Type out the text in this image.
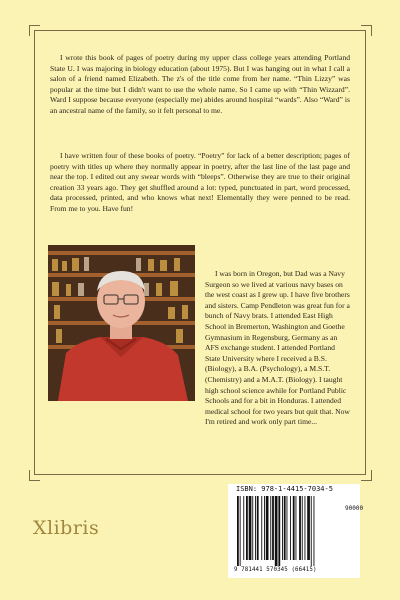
I wrote this book of pages of poetry during my upper class college years attending Portland State U. I was majoring in biology education (about 1975). But I was hanging out in what I call a salon of a friend named Elizabeth. The z's of the title come from her name. “Thin Lizzy” was popular at the time but I didn't want to use the whole name. So I came up with “Thin Wizzard”. Ward I suppose because everyone (especially me) abides around hospital “wards”. Also “Ward” is an ancestral name of the family, so it felt personal to me.

I have written four of these books of poetry. “Poetry” for lack of a better description; pages of poetry with titles up where they normally appear in poetry, after the last line of the last page and near the top. I edited out any swear words with “bleeps”. Otherwise they are true to their original creation 33 years ago. They get shuffled around a lot: typed, punctuated in part, word processed, data processed, printed, and who knows what next! Elementally they were penned to be read. From me to you. Have fun!

I was born in Oregon, but Dad was a Navy Surgeon so we lived at various navy bases on the west coast as I grew up. I have five brothers and sisters. Camp Pendleton was great fun for a bunch of Navy brats. I attended East High School in Bremerton, Washington and Goethe Gymnasium in Regensburg, Germany as an AFS exchange student. I attended Portland State University where I received a B.S. (Biology), a B.A. (Psychology), a M.S.T. (Chemistry) and a M.A.T. (Biology). I taught high school science awhile for Portland Public Schools and for a bit in Honduras. I attended medical school for two years but quit that. Now I'm retired and work only part time...

ISBN: 978-1-4415-7034-5
90000
9 781441 570345 (66415)
Xlibris
